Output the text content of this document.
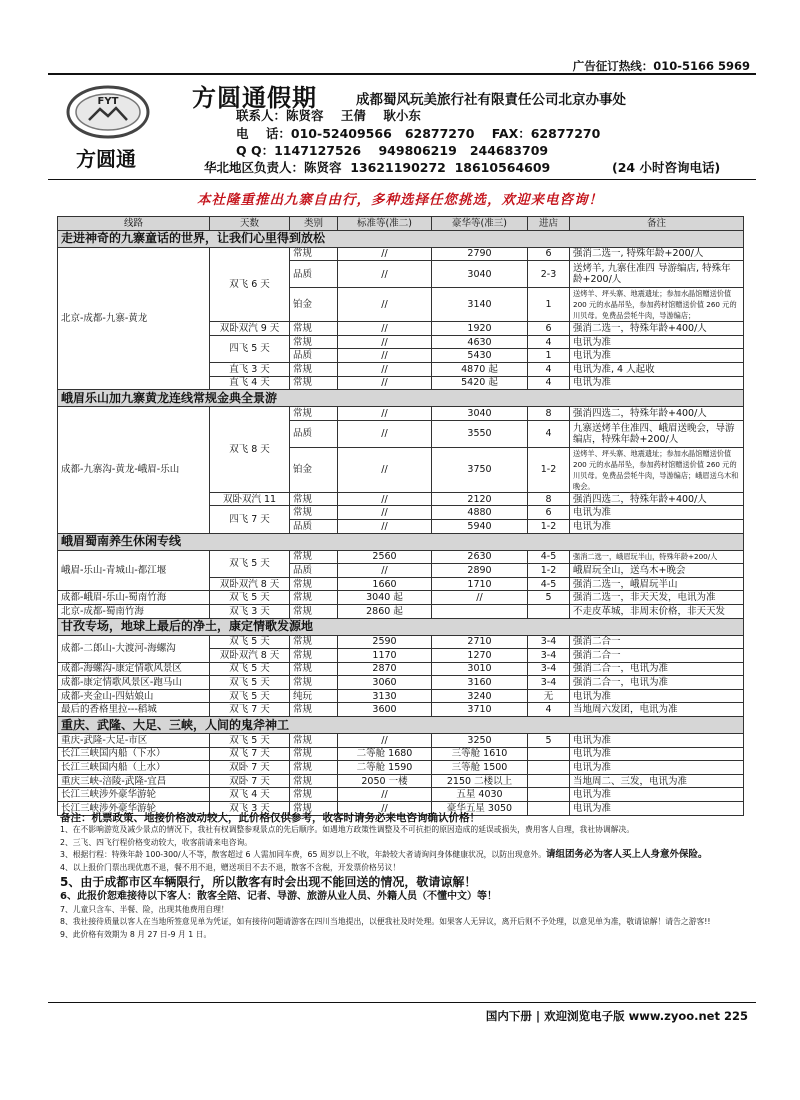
广告征订热线：010-5166 5969
FYT
方圆通
方圆通假期	成都蜀风玩美旅行社有限責任公司北京办事处
联系人：陈贤容    王倩    耿小东
电    话：010-52409566   62877270    FAX：62877270
Q Q：1147127526    949806219   244683709
华北地区负责人：陈贤容  13621190272  18610564609	(24 小时咨询电话)
本社隆重推出九寨自由行，多种选择任您挑选，欢迎来电咨询！
线路	天数	类别	标准等(准二)	豪华等(准三)	进店	备注
走进神奇的九寨童话的世界，让我们心里得到放松						
北京-成都-九寨-黄龙	双飞 6 天	常规	//	2790	6	强消二选一, 特殊年龄+200/人
		品质	//	3040	2-3	送烤羊, 九寨住准四 导游编店, 特殊年龄+200/人
		铂金	//	3140	1	送烤羊、坪头寨、地震遗址；参加水晶馆赠送价值 200 元的水晶吊坠，参加药材馆赠送价值 260 元的川贝母。免费品尝牦牛肉，导游编店；
	双卧双汽 9 天	常规	//	1920	6	强消二选一，特殊年龄+400/人
	四飞 5 天	常规	//	4630	4	电讯为准
		品质	//	5430	1	电讯为准
	直飞 3 天	常规	//	4870 起	4	电讯为准, 4 人起收
	直飞 4 天	常规	//	5420 起	4	电讯为准
峨眉乐山加九寨黄龙连线常规金典全景游						
成都-九寨沟-黄龙-峨眉-乐山	双飞 8 天	常规	//	3040	8	强消四选二，特殊年龄+400/人
		品质	//	3550	4	九寨送烤羊住准四、峨眉送晚会，导游编店，特殊年龄+200/人
		铂金	//	3750	1-2	送烤羊、坪头寨、地震遗址；参加水晶馆赠送价值 200 元的水晶吊坠，参加药材馆赠送价值 260 元的川贝母。免费品尝牦牛肉，导游编店；峨眉送乌木和晚会。
	双卧双汽 11	常规	//	2120	8	强消四选二，特殊年龄+400/人
	四飞 7 天	常规	//	4880	6	电讯为准
		品质	//	5940	1-2	电讯为准
峨眉蜀南养生休闲专线						
峨眉-乐山-青城山-都江堰	双飞 5 天	常规	2560	2630	4-5	强消二选一，峨眉玩半山，特殊年龄+200/人
		品质	//	2890	1-2	峨眉玩全山，送乌木+晚会
	双卧双汽 8 天	常规	1660	1710	4-5	强消二选一，峨眉玩半山
成都-峨眉-乐山-蜀南竹海	双飞 5 天	常规	3040 起	//	5	强消二选一，非天天发，电讯为准
北京-成都-蜀南竹海	双飞 3 天	常规	2860 起			不走皮革城，非周末价格，非天天发
甘孜专场，地球上最后的净土，康定情歌发源地						
成都-二郎山-大渡河-海螺沟	双飞 5 天	常规	2590	2710	3-4	强消二合一
	双卧双汽 8 天	常规	1170	1270	3-4	强消二合一
成都-海螺沟-康定情歌风景区	双飞 5 天	常规	2870	3010	3-4	强消二合一，电讯为准
成都-康定情歌风景区-跑马山	双飞 5 天	常规	3060	3160	3-4	强消二合一，电讯为准
成都-夹金山-四姑娘山	双飞 5 天	纯玩	3130	3240	无	电讯为准
最后的香格里拉---稻城	双飞 7 天	常规	3600	3710	4	当地周六发团，电讯为准
重庆、武隆、大足、三峡，人间的鬼斧神工						
重庆-武隆-大足-市区	双飞 5 天	常规	//	3250	5	电讯为准
长江三峡国内船（下水）	双飞 7 天	常规	二等舱 1680	三等舱 1610		电讯为准
长江三峡国内船（上水）	双卧 7 天	常规	二等舱 1590	三等舱 1500		电讯为准
重庆三峡-涪陵-武隆-宜昌	双卧 7 天	常规	2050 一楼	2150 二楼以上		当地周二、三发，电讯为准
长江三峡涉外豪华游轮	双飞 4 天	常规	//	五星 4030		电讯为准
长江三峡涉外豪华游轮	双飞 3 天	常规	//	豪华五星 3050		电讯为准
备注：机票政策、地接价格波动较大，此价格仅供参考，收客时请务必来电咨询确认价格！
1、在不影响游览及减少景点的情况下，我社有权调整参观景点的先后顺序。如遇地方政策性调整及不可抗拒的原因造成的延误或损失，费用客人自理，我社协调解决。
2、三飞、四飞行程价格变动较大，收客前请来电咨询。
3、根据行程：特殊年龄 100-300/人不等，散客超过 6 人需加同车费，65 周岁以上不收，年龄较大者请询问身体健康状况，以防出现意外。请组团务必为客人买上人身意外保险。
4、以上报价门票出现优惠不退，餐不用不退，赠送项目不去不退，散客不含税，开发票价格另议！
5、由于成都市区车辆限行，所以散客有时会出现不能回送的情况，敬请谅解！
6、此报价恕难接待以下客人：散客全陪、记者、导游、旅游从业人员、外籍人员（不懂中文）等！
7、儿童只含车、半餐、险，出现其他费用自理！
8、我社接待质量以客人在当地所签意见单为凭证，如有接待问题请游客在四川当地提出，以便我社及时处理。如果客人无异议，离开后则不予处理，以意见单为准，敬请谅解！请告之游客!!
9、此价格有效期为 8 月 27 日-9 月 1 日。
国内下册 | 欢迎浏览电子版 www.zyoo.net 225
